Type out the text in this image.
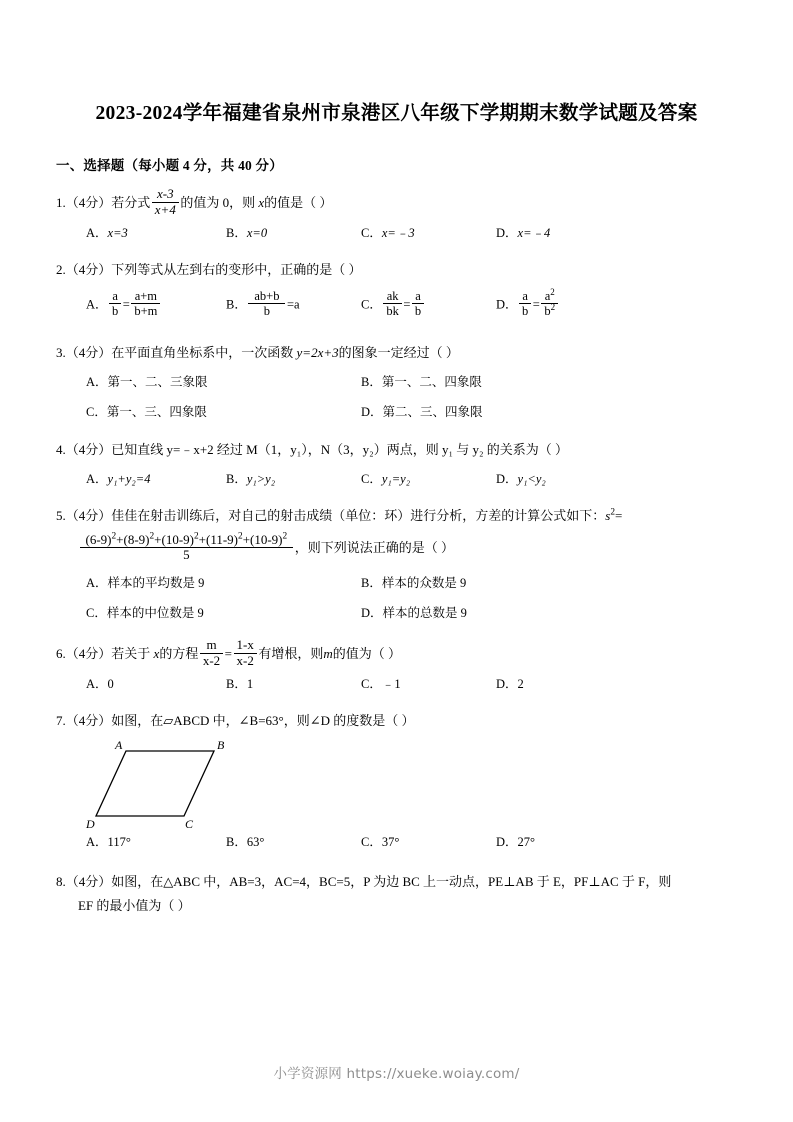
2023-2024学年福建省泉州市泉港区八年级下学期期末数学试题及答案
一、选择题（每小题 4 分，共 40 分）
1.（4分）若分式 $\frac{x-3}{x+4}$ 的值为 0，则 x的值是（ ）
A．x=3	B．x=0	C．x=﹣3	D．x=﹣4
2.（4分）下列等式从左到右的变形中，正确的是（ ）
A． $\frac{a}{b} = \frac{a+m}{b+m}$	B． $\frac{ab+b}{b} =a$	C． $\frac{ak}{bk} = \frac{a}{b}$	D． $\frac{a}{b} = \frac{a^2}{b^2}$
3.（4分）在平面直角坐标系中，一次函数 y=2x+3的图象一定经过（ ）
A．第一、二、三象限	B．第一、二、四象限
C．第一、三、四象限	D．第二、三、四象限
4.（4分）已知直线 y=﹣x+2 经过 M（1，y₁），N（3，y₂）两点，则 y₁ 与 y₂ 的关系为（ ）
A．y₁+y₂=4	B．y₁>y₂	C．y₁=y₂	D．y₁<y₂
5.（4分）佳佳在射击训练后，对自己的射击成绩（单位：环）进行分析，方差的计算公式如下：$s^2=$
$\frac{(6-9)^2+(8-9)^2+(10-9)^2+(11-9)^2+(10-9)^2}{5}$ ，则下列说法正确的是（ ）
A．样本的平均数是 9	B．样本的众数是 9
C．样本的中位数是 9	D．样本的总数是 9
6.（4分）若关于 x的方程 $\frac{m}{x-2} = \frac{1-x}{x-2}$ 有增根，则m的值为（ ）
A．0	B．1	C．﹣1	D．2
7.（4分）如图，在▱ABCD 中，∠B=63°，则∠D 的度数是（ ）
A	B
C
D
A．117°	B．63°	C．37°	D．27°
8.（4分）如图，在△ABC 中，AB=3，AC=4，BC=5，P 为边 BC 上一动点，PE⊥AB 于 E，PF⊥AC 于 F，则
EF 的最小值为（ ）
小学资源网 https://xueke.woiay.com/
